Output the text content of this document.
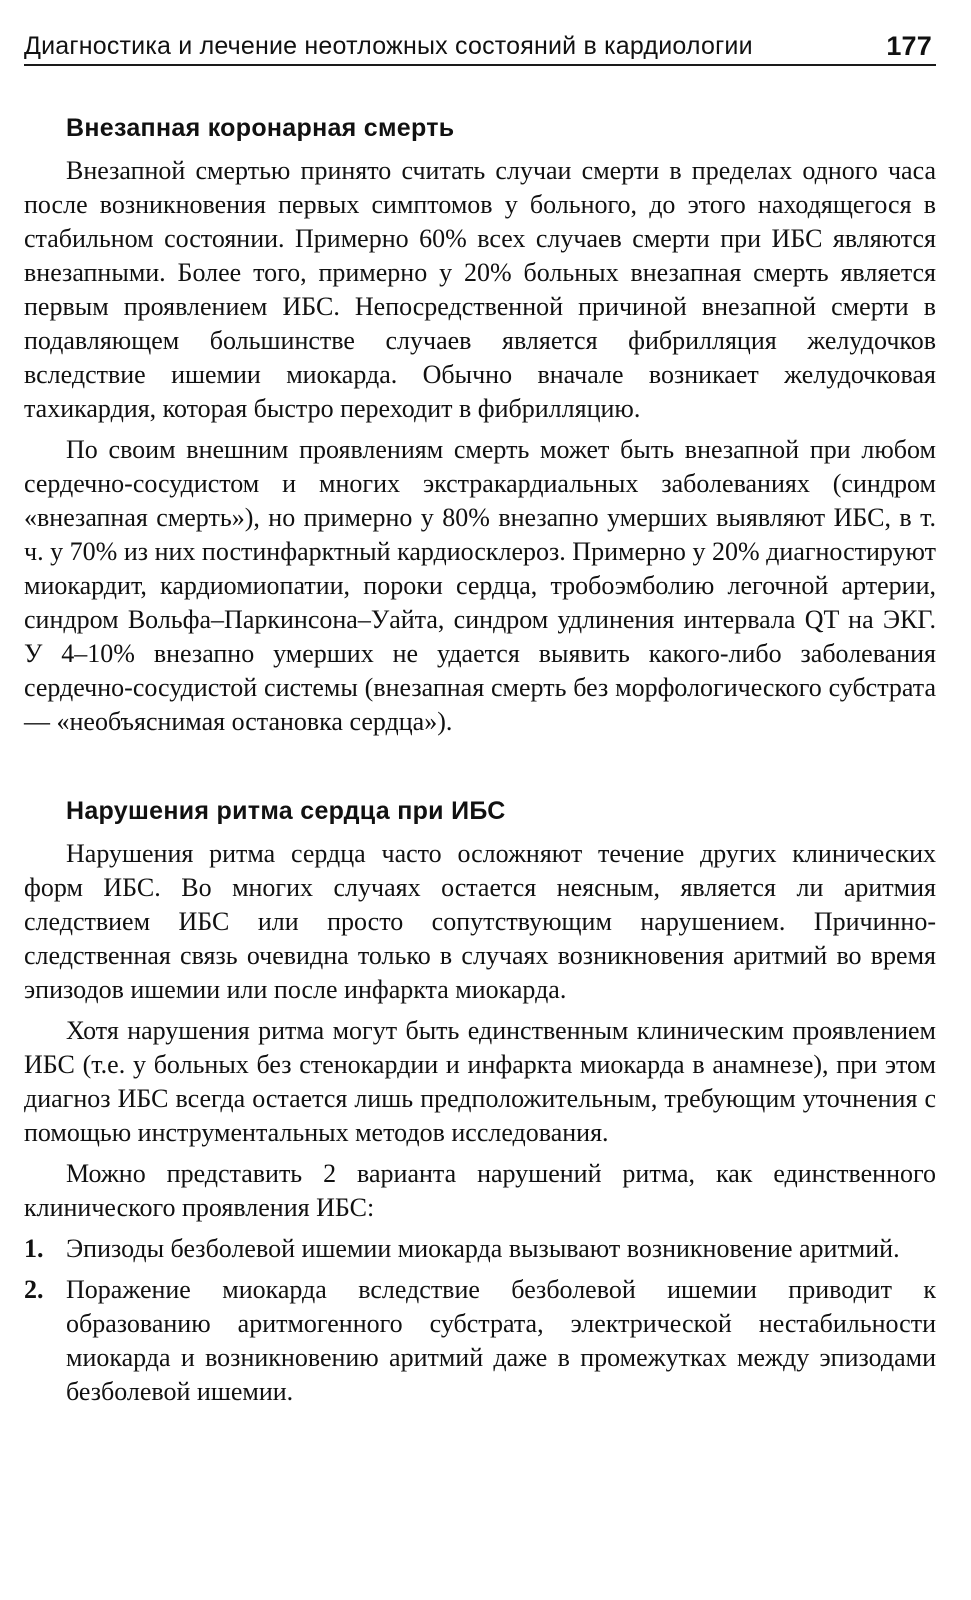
Диагностика и лечение неотложных состояний в кардиологии	177
Внезапная коронарная смерть

Внезапной смертью принято считать случаи смерти в пределах одного часа после возникновения первых симптомов у больного, до этого находящегося в стабильном состоянии. Примерно 60% всех случаев смерти при ИБС являются внезапными. Более того, примерно у 20% больных внезапная смерть является первым проявлением ИБС. Непосредственной причиной внезапной смерти в подавляющем большинстве случаев является фибрилляция желудочков вследствие ишемии миокарда. Обычно вначале возникает желудочковая тахикардия, которая быстро переходит в фибрилляцию.

По своим внешним проявлениям смерть может быть внезапной при любом сердечно-сосудистом и многих экстракардиальных заболеваниях (синдром «внезапная смерть»), но примерно у 80% внезапно умерших выявляют ИБС, в т. ч. у 70% из них постинфарктный кардиосклероз. Примерно у 20% диагностируют миокардит, кардиомиопатии, пороки сердца, тробоэмболию легочной артерии, синдром Вольфа–Паркинсона–Уайта, синдром удлинения интервала QT на ЭКГ. У 4–10% внезапно умерших не удается выявить какого-либо заболевания сердечно-сосудистой системы (внезапная смерть без морфологического субстрата — «необъяснимая остановка сердца»).

Нарушения ритма сердца при ИБС

Нарушения ритма сердца часто осложняют течение других клинических форм ИБС. Во многих случаях остается неясным, является ли аритмия следствием ИБС или просто сопутствующим нарушением. Причинно-следственная связь очевидна только в случаях возникновения аритмий во время эпизодов ишемии или после инфаркта миокарда.

Хотя нарушения ритма могут быть единственным клиническим проявлением ИБС (т.е. у больных без стенокардии и инфаркта миокарда в анамнезе), при этом диагноз ИБС всегда остается лишь предположительным, требующим уточнения с помощью инструментальных методов исследования.

Можно представить 2 варианта нарушений ритма, как единственного клинического проявления ИБС:

1. Эпизоды безболевой ишемии миокарда вызывают возникновение аритмий.
2. Поражение миокарда вследствие безболевой ишемии приводит к образованию аритмогенного субстрата, электрической нестабильности миокарда и возникновению аритмий даже в промежутках между эпизодами безболевой ишемии.
